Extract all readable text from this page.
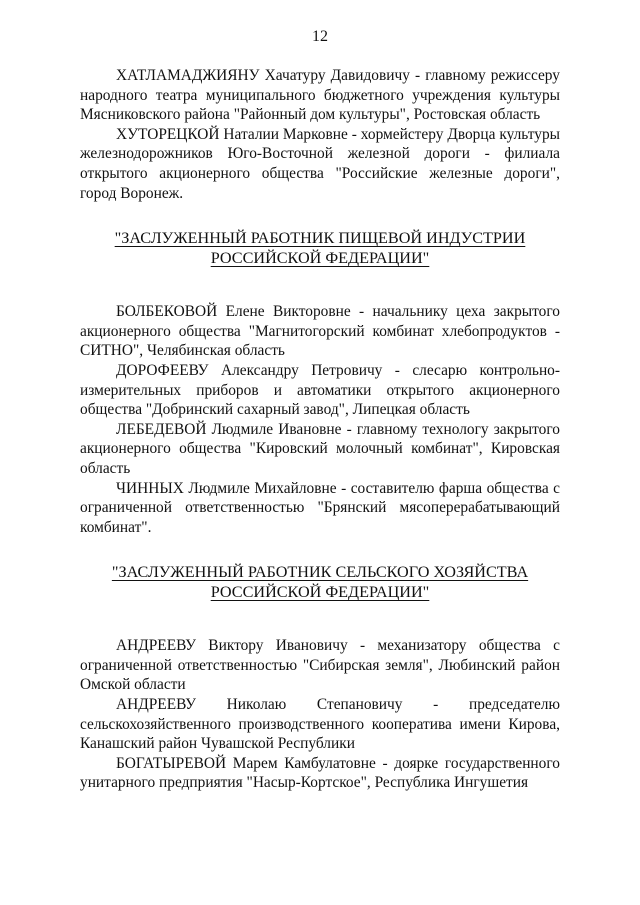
12

ХАТЛАМАДЖИЯНУ Хачатуру Давидовичу - главному режиссеру народного театра муниципального бюджетного учреждения культуры Мясниковского района "Районный дом культуры", Ростовская область

ХУТОРЕЦКОЙ Наталии Марковне - хормейстеру Дворца культуры железнодорожников Юго-Восточной железной дороги - филиала открытого акционерного общества "Российские железные дороги", город Воронеж.

"ЗАСЛУЖЕННЫЙ РАБОТНИК ПИЩЕВОЙ ИНДУСТРИИ

РОССИЙСКОЙ ФЕДЕРАЦИИ"

БОЛБЕКОВОЙ Елене Викторовне - начальнику цеха закрытого акционерного общества "Магнитогорский комбинат хлебопродуктов - СИТНО", Челябинская область

ДОРОФЕЕВУ Александру Петровичу - слесарю контрольно-измерительных приборов и автоматики открытого акционерного общества "Добринский сахарный завод", Липецкая область

ЛЕБЕДЕВОЙ Людмиле Ивановне - главному технологу закрытого акционерного общества "Кировский молочный комбинат", Кировская область

ЧИННЫХ Людмиле Михайловне - составителю фарша общества с ограниченной ответственностью "Брянский мясоперерабатывающий комбинат".

"ЗАСЛУЖЕННЫЙ РАБОТНИК СЕЛЬСКОГО ХОЗЯЙСТВА

РОССИЙСКОЙ ФЕДЕРАЦИИ"

АНДРЕЕВУ Виктору Ивановичу - механизатору общества с ограниченной ответственностью "Сибирская земля", Любинский район Омской области

АНДРЕЕВУ Николаю Степановичу - председателю сельскохозяйственного производственного кооператива имени Кирова, Канашский район Чувашской Республики

БОГАТЫРЕВОЙ Марем Камбулатовне - доярке государственного унитарного предприятия "Насыр-Кортское", Республика Ингушетия
